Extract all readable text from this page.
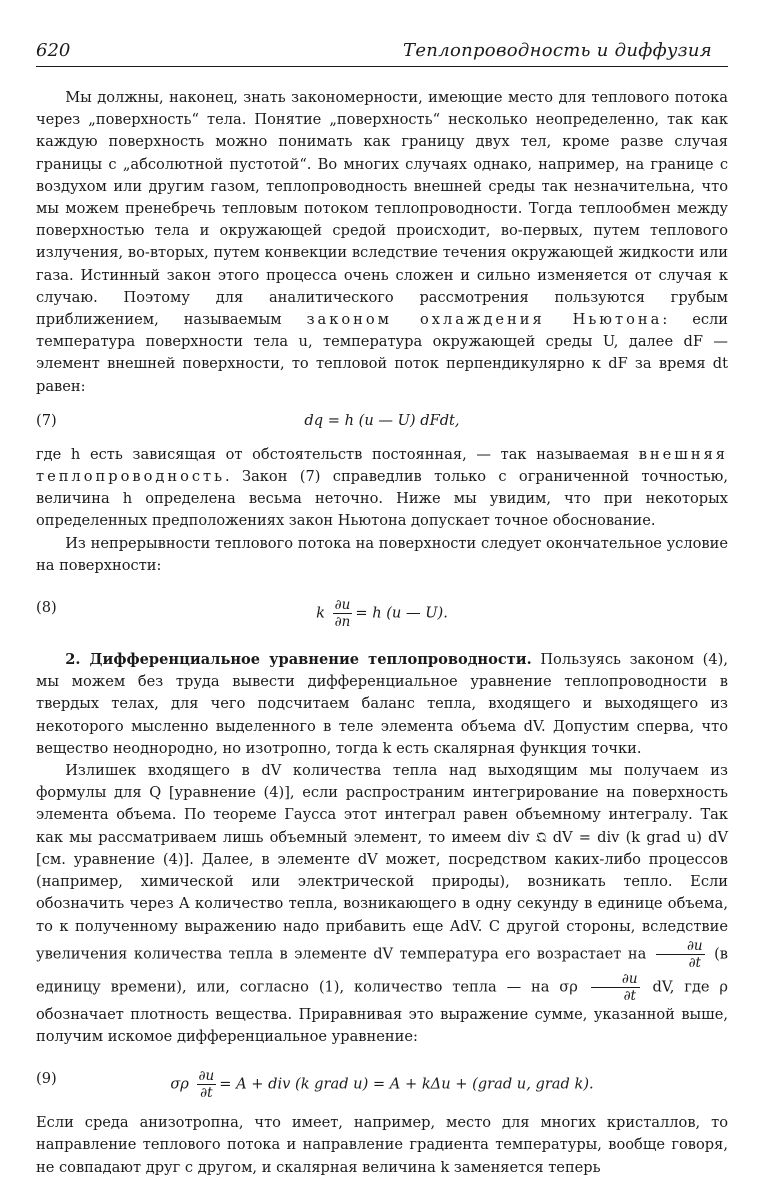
620	Теплопроводность и диффузия

Мы должны, наконец, знать закономерности, имеющие место для теплового потока через „поверхность“ тела. Понятие „поверхность“ несколько неопределенно, так как каждую поверхность можно понимать как границу двух тел, кроме разве случая границы с „абсолютной пустотой“. Во многих случаях однако, например, на границе с воздухом или другим газом, теплопроводность внешней среды так незначительна, что мы можем пренебречь тепловым потоком теплопроводности. Тогда теплообмен между поверхностью тела и окружающей средой происходит, во-первых, путем теплового излучения, во-вторых, путем конвекции вследствие течения окружающей жидкости или газа. Истинный закон этого процесса очень сложен и сильно изменяется от случая к случаю. Поэтому для аналитического рассмотрения пользуются грубым приближением, называемым законом охлаждения Ньютона: если температура поверхности тела u, температура окружающей среды U, далее dF — элемент внешней поверхности, то тепловой поток перпендикулярно к dF за время dt равен:

(7)	dq = h (u — U) dFdt,

где h есть зависящая от обстоятельств постоянная, — так называемая внешняя теплопроводность. Закон (7) справедлив только с ограниченной точностью, величина h определена весьма неточно. Ниже мы увидим, что при некоторых определенных предположениях закон Ньютона допускает точное обоснование.

Из непрерывности теплового потока на поверхности следует окончательное условие на поверхности:

(8)	k $\frac{\partial u}{\partial n} = h$ (u — U).

2. Дифференциальное уравнение теплопроводности. Пользуясь законом (4), мы можем без труда вывести дифференциальное уравнение теплопроводности в твердых телах, для чего подсчитаем баланс тепла, входящего и выходящего из некоторого мысленно выделенного в теле элемента объема dV. Допустим сперва, что вещество неоднородно, но изотропно, тогда k есть скалярная функция точки.

Излишек входящего в dV количества тепла над выходящим мы получаем из формулы для Q [уравнение (4)], если распространим интегрирование на поверхность элемента объема. По теореме Гаусса этот интеграл равен объемному интегралу. Так как мы рассматриваем лишь объемный элемент, то имеем div 𝔔 dV = div (k grad u) dV [см. уравнение (4)]. Далее, в элементе dV может, посредством каких-либо процессов (например, химической или электрической природы), возникать тепло. Если обозначить через A количество тепла, возникающего в одну секунду в единице объема, то к полученному выражению надо прибавить еще AdV. С другой стороны, вследствие увеличения количества тепла в элементе dV температура его возрастает на $\frac{\partial u}{\partial t} (в$ единицу времени), или, согласно (1), количество тепла — на σρ $\frac{\partial u}{\partial t}$ dV, где ρ обозначает плотность вещества. Приравнивая это выражение сумме, указанной выше, получим искомое дифференциальное уравнение:

(9)	σρ $\frac{\partial u}{\partial t} = A$ + div (k grad u) = A + kΔu + (grad u, grad k).

Если среда анизотропна, что имеет, например, место для многих кристаллов, то направление теплового потока и направление градиента температуры, вообще говоря, не совпадают друг с другом, и скалярная величина k заменяется теперь
